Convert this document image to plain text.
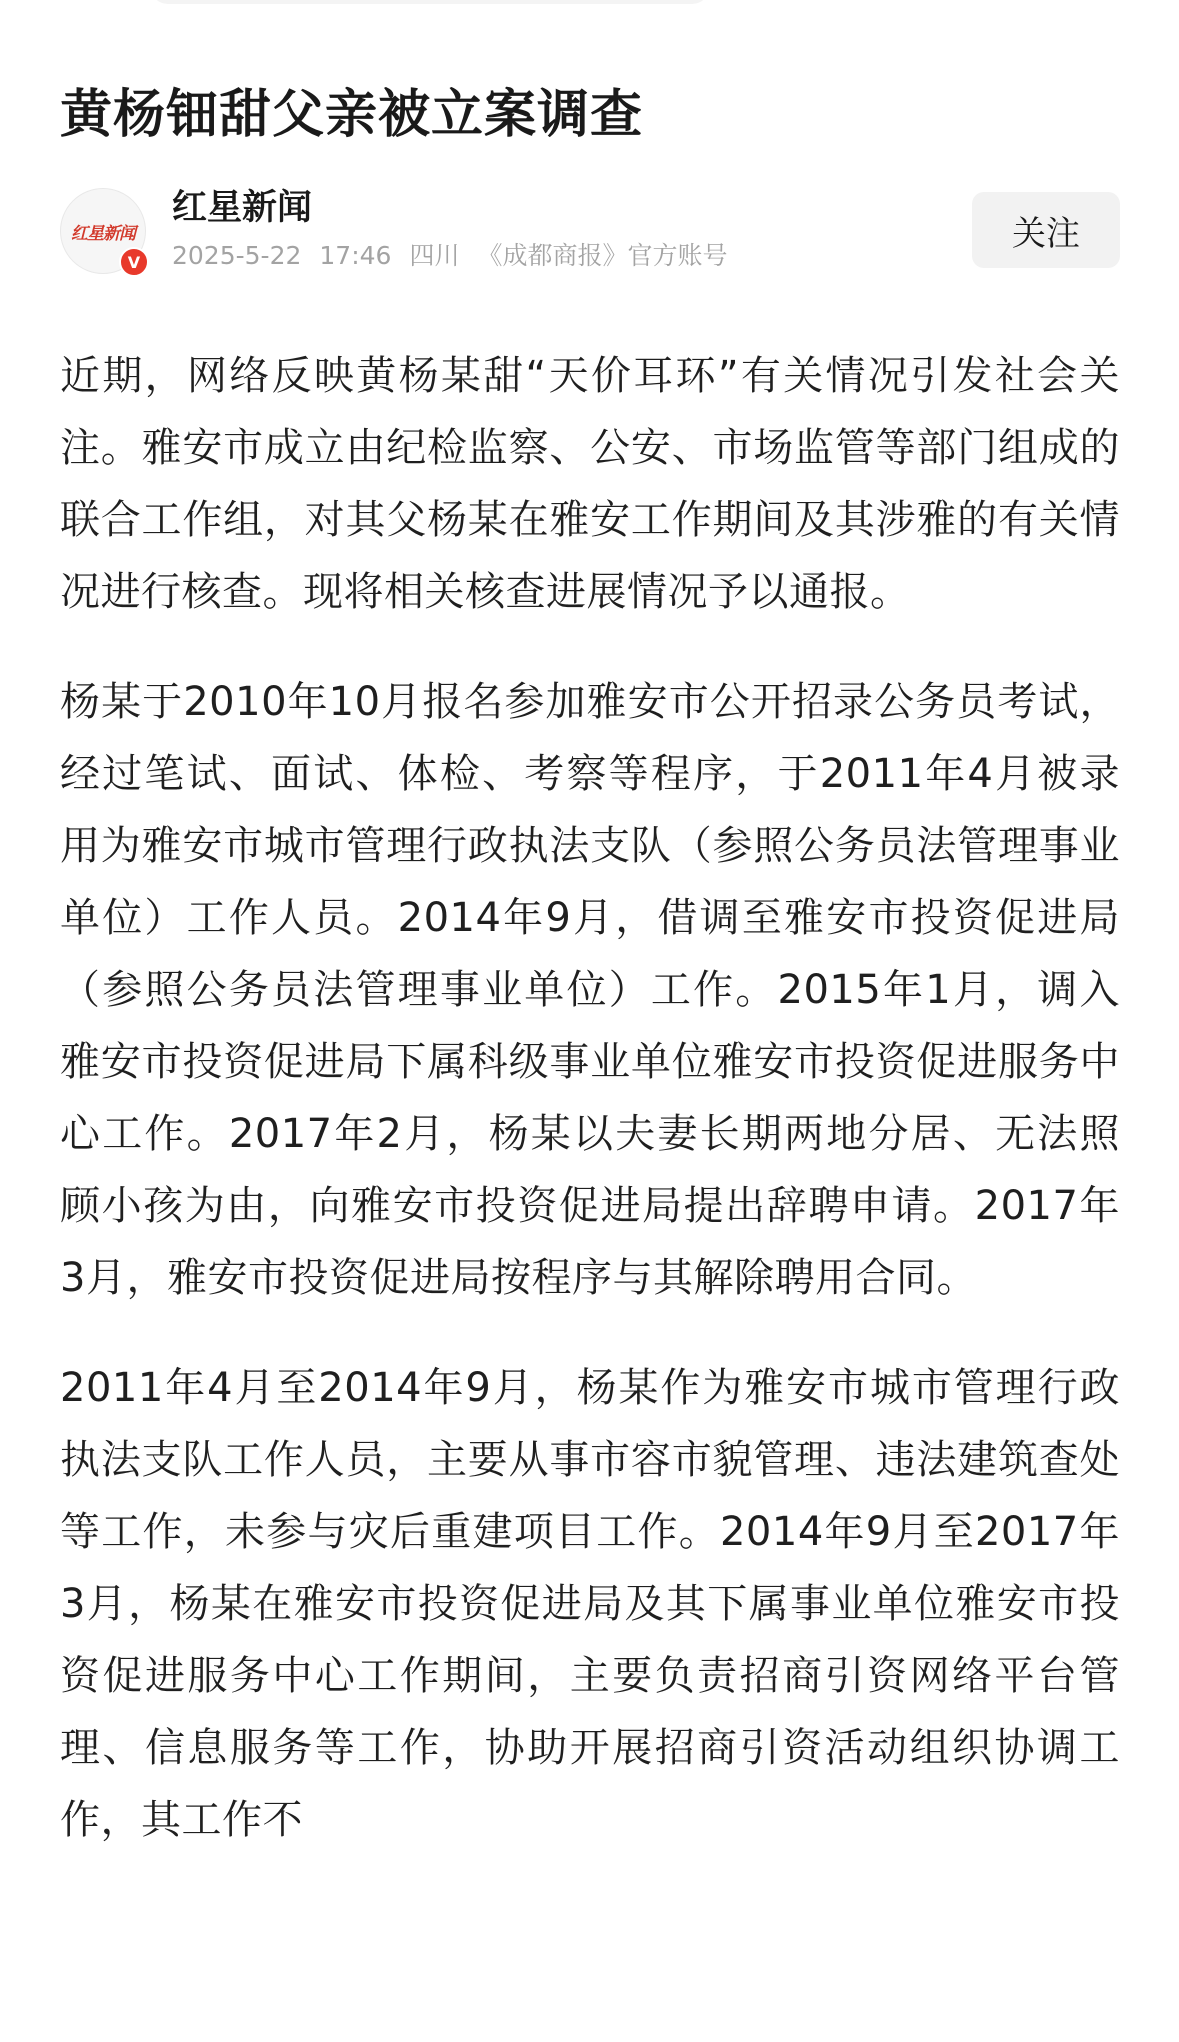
黄杨钿甜父亲被立案调查
红星新闻
V
红星新闻
2025-5-22 17:46 四川 《成都商报》官方账号
关注

近期，网络反映黄杨某甜“天价耳环”有关情况引发社会关注。雅安市成立由纪检监察、公安、市场监管等部门组成的联合工作组，对其父杨某在雅安工作期间及其涉雅的有关情况进行核查。现将相关核查进展情况予以通报。

杨某于2010年10月报名参加雅安市公开招录公务员考试，经过笔试、面试、体检、考察等程序，于2011年4月被录用为雅安市城市管理行政执法支队（参照公务员法管理事业单位）工作人员。2014年9月，借调至雅安市投资促进局（参照公务员法管理事业单位）工作。2015年1月，调入雅安市投资促进局下属科级事业单位雅安市投资促进服务中心工作。2017年2月，杨某以夫妻长期两地分居、无法照顾小孩为由，向雅安市投资促进局提出辞聘申请。2017年3月，雅安市投资促进局按程序与其解除聘用合同。

2011年4月至2014年9月，杨某作为雅安市城市管理行政执法支队工作人员，主要从事市容市貌管理、违法建筑查处等工作，未参与灾后重建项目工作。2014年9月至2017年3月，杨某在雅安市投资促进局及其下属事业单位雅安市投资促进服务中心工作期间，主要负责招商引资网络平台管理、信息服务等工作，协助开展招商引资活动组织协调工作，其工作不
